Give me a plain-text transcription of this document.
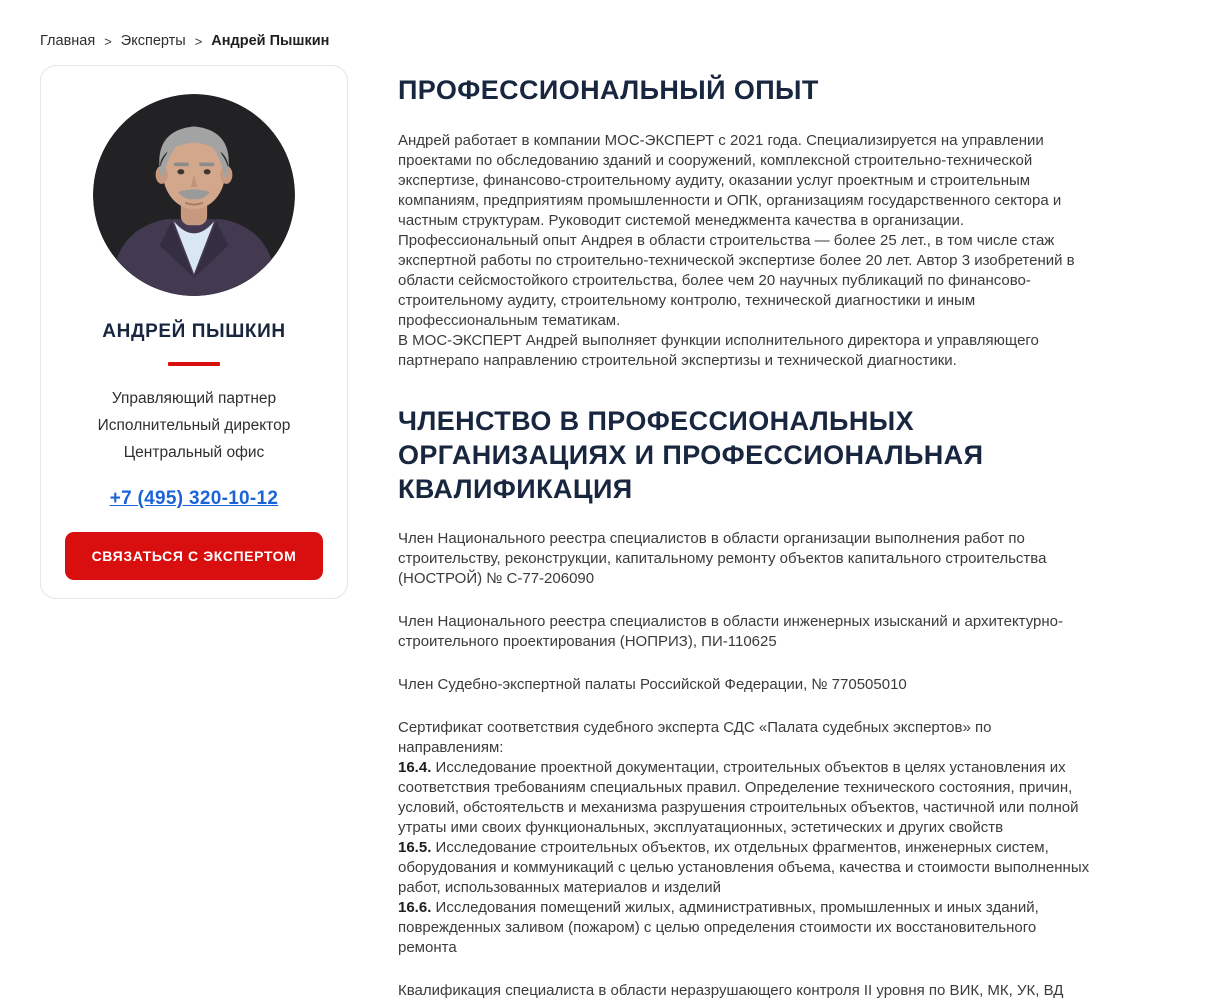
Главная > Эксперты > Андрей Пышкин
АНДРЕЙ ПЫШКИН
Управляющий партнер
Исполнительный директор
Центральный офис
+7 (495) 320-10-12
СВЯЗАТЬСЯ С ЭКСПЕРТОМ
ПРОФЕССИОНАЛЬНЫЙ ОПЫТ

Андрей работает в компании МОС-ЭКСПЕРТ с 2021 года. Специализируется на управлении проектами по обследованию зданий и сооружений, комплексной строительно-технической экспертизе, финансово-строительному аудиту, оказании услуг проектным и строительным компаниям, предприятиям промышленности и ОПК, организациям государственного сектора и частным структурам. Руководит системой менеджмента качества в организации.
Профессиональный опыт Андрея в области строительства — более 25 лет., в том числе стаж экспертной работы по строительно-технической экспертизе более 20 лет. Автор 3 изобретений в области сейсмостойкого строительства, более чем 20 научных публикаций по финансово-строительному аудиту, строительному контролю, технической диагностики и иным профессиональным тематикам.
В МОС-ЭКСПЕРТ Андрей выполняет функции исполнительного директора и управляющего партнерапо направлению строительной экспертизы и технической диагностики.

ЧЛЕНСТВО В ПРОФЕССИОНАЛЬНЫХ ОРГАНИЗАЦИЯХ И ПРОФЕССИОНАЛЬНАЯ КВАЛИФИКАЦИЯ

Член Национального реестра специалистов в области организации выполнения работ по строительству, реконструкции, капитальному ремонту объектов капитального строительства (НОСТРОЙ) № С-77-206090

Член Национального реестра специалистов в области инженерных изысканий и архитектурно-строительного проектирования (НОПРИЗ), ПИ-110625

Член Судебно-экспертной палаты Российской Федерации, № 770505010

Сертификат соответствия судебного эксперта СДС «Палата судебных экспертов» по направлениям:

16.4. Исследование проектной документации, строительных объектов в целях установления их соответствия требованиям специальных правил. Определение технического состояния, причин, условий, обстоятельств и механизма разрушения строительных объектов, частичной или полной утраты ими своих функциональных, эксплуатационных, эстетических и других свойств

16.5. Исследование строительных объектов, их отдельных фрагментов, инженерных систем, оборудования и коммуникаций с целью установления объема, качества и стоимости выполненных работ, использованных материалов и изделий

16.6. Исследования помещений жилых, административных, промышленных и иных зданий, поврежденных заливом (пожаром) с целью определения стоимости их восстановительного ремонта

Квалификация специалиста в области неразрушающего контроля II уровня по ВИК, МК, УК, ВД
